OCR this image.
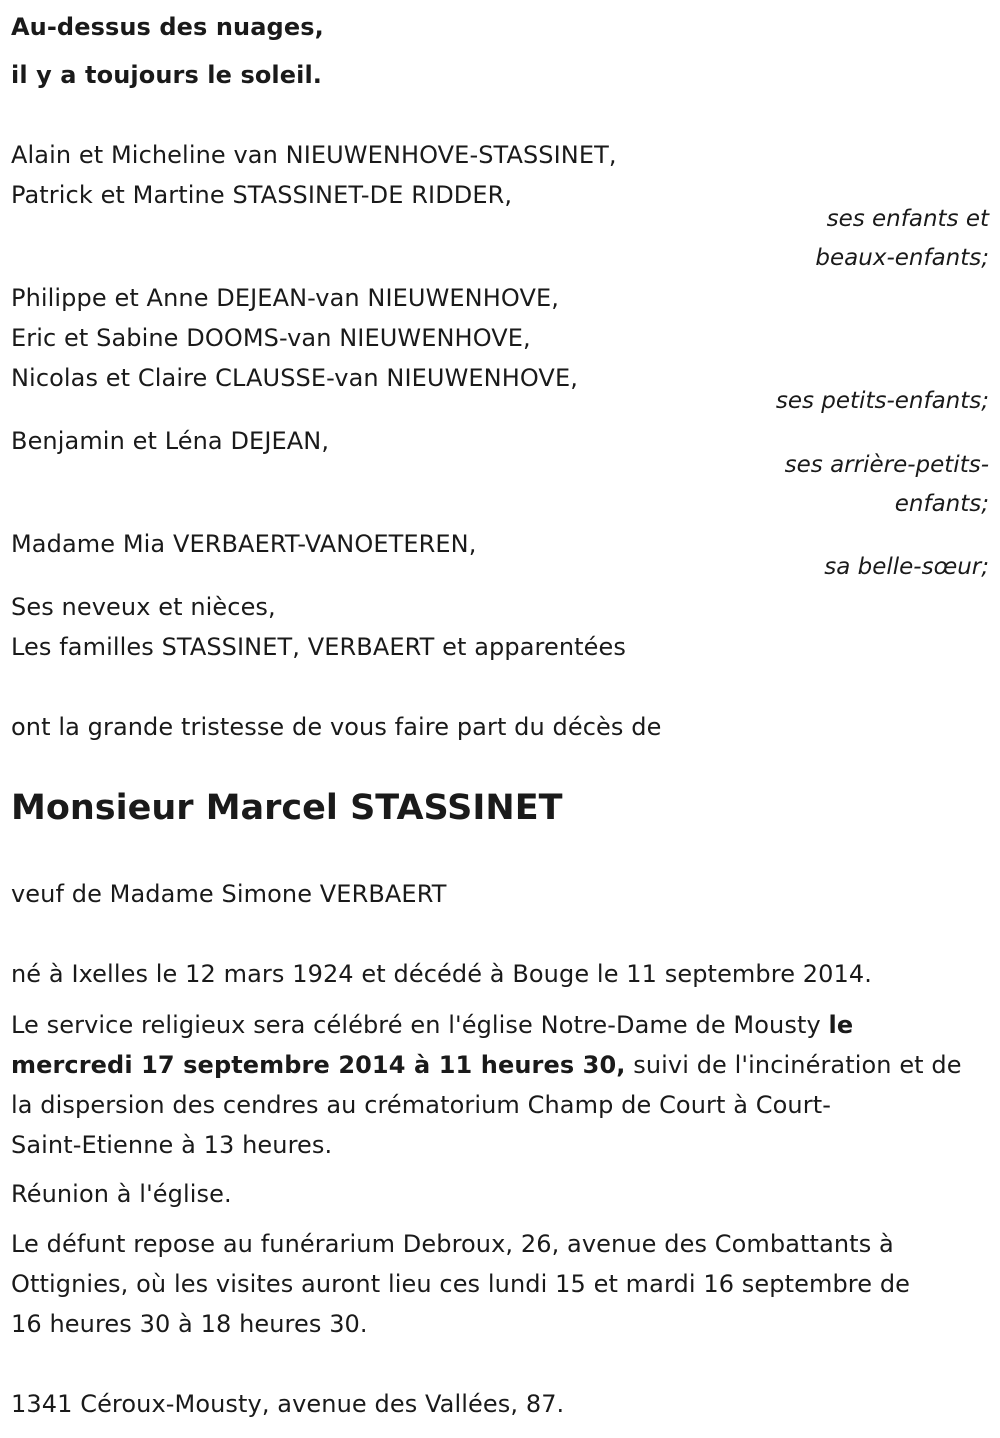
Au-dessus des nuages,
il y a toujours le soleil.
Alain et Micheline van NIEUWENHOVE-STASSINET,
Patrick et Martine STASSINET-DE RIDDER,
ses enfants et
beaux-enfants;
Philippe et Anne DEJEAN-van NIEUWENHOVE,
Eric et Sabine DOOMS-van NIEUWENHOVE,
Nicolas et Claire CLAUSSE-van NIEUWENHOVE,
ses petits-enfants;
Benjamin et Léna DEJEAN,
ses arrière-petits-
enfants;
Madame Mia VERBAERT-VANOETEREN,
sa belle-sœur;
Ses neveux et nièces,
Les familles STASSINET, VERBAERT et apparentées
ont la grande tristesse de vous faire part du décès de
Monsieur Marcel STASSINET
veuf de Madame Simone VERBAERT
né à Ixelles le 12 mars 1924 et décédé à Bouge le 11 septembre 2014.
Le service religieux sera célébré en l'église Notre-Dame de Mousty le
mercredi 17 septembre 2014 à 11 heures 30, suivi de l'incinération et de
la dispersion des cendres au crématorium Champ de Court à Court-
Saint-Etienne à 13 heures.
Réunion à l'église.
Le défunt repose au funérarium Debroux, 26, avenue des Combattants à
Ottignies, où les visites auront lieu ces lundi 15 et mardi 16 septembre de
16 heures 30 à 18 heures 30.
1341 Céroux-Mousty, avenue des Vallées, 87.
